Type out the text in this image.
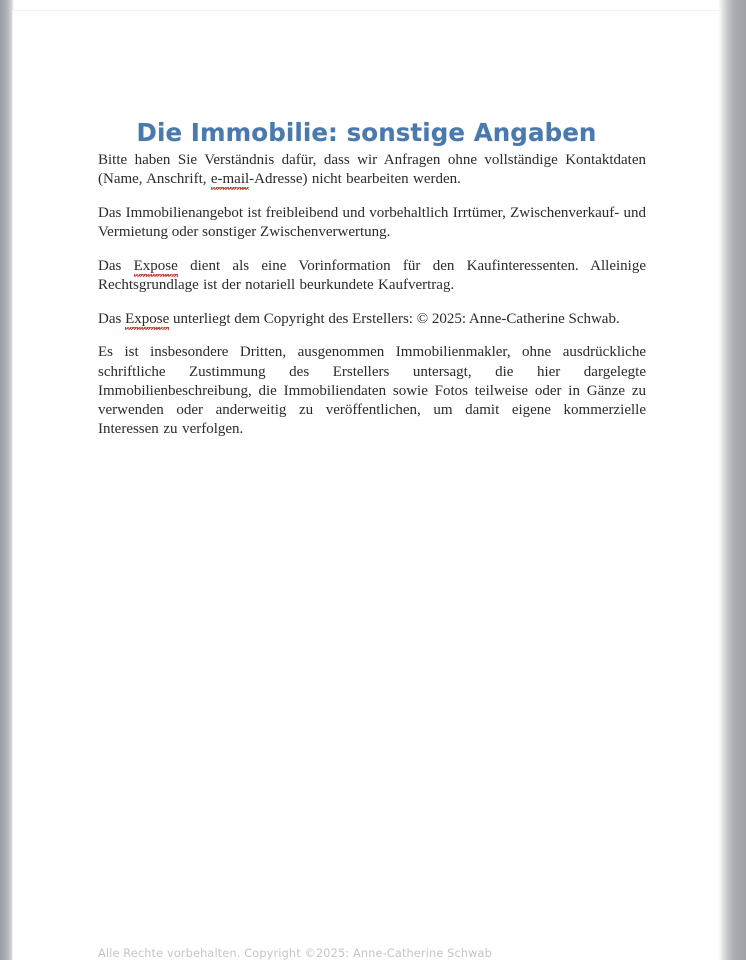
Die Immobilie: sonstige Angaben

Bitte haben Sie Verständnis dafür, dass wir Anfragen ohne vollständige Kontaktdaten (Name, Anschrift, e-mail-Adresse) nicht bearbeiten werden.

Das Immobilienangebot ist freibleibend und vorbehaltlich Irrtümer, Zwischenverkauf- und Vermietung oder sonstiger Zwischenverwertung.

Das Expose dient als eine Vorinformation für den Kaufinteressenten. Alleinige Rechtsgrundlage ist der notariell beurkundete Kaufvertrag.

Das Expose unterliegt dem Copyright des Erstellers: © 2025: Anne-Catherine Schwab.

Es ist insbesondere Dritten, ausgenommen Immobilienmakler, ohne ausdrückliche schriftliche Zustimmung des Erstellers untersagt, die hier dargelegte Immobilienbeschreibung, die Immobiliendaten sowie Fotos teilweise oder in Gänze zu verwenden oder anderweitig zu veröffentlichen, um damit eigene kommerzielle Interessen zu verfolgen.

Alle Rechte vorbehalten. Copyright ©2025: Anne-Catherine Schwab
